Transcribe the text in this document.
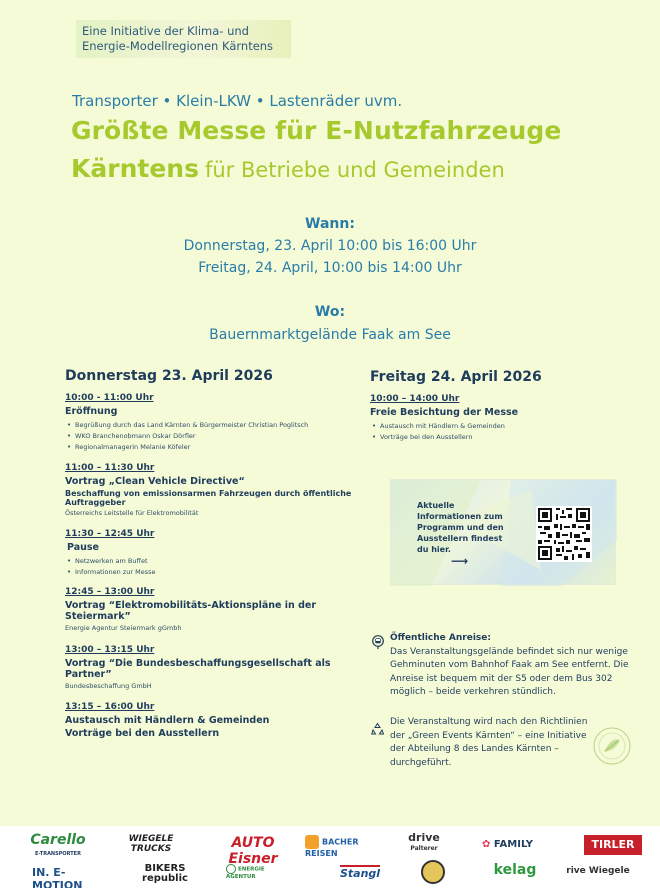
Eine Initiative der Klima- und
Energie-Modellregionen Kärntens
Transporter • Klein-LKW • Lastenräder uvm.
Größte Messe für E-Nutzfahrzeuge
Kärntens für Betriebe und Gemeinden
Wann:
Donnerstag, 23. April 10:00 bis 16:00 Uhr
Freitag, 24. April, 10:00 bis 14:00 Uhr
Wo:
Bauernmarktgelände Faak am See
Donnerstag 23. April 2026
10:00 - 11:00 Uhr
Eröffnung
• Begrüßung durch das Land Kärnten & Bürgermeister Christian Poglitsch
• WKO Branchenobmann Oskar Dörfler
• Regionalmanagerin Melanie Köfeler
11:00 – 11:30 Uhr
Vortrag „Clean Vehicle Directive“
Beschaffung von emissionsarmen Fahrzeugen durch öffentliche Auftraggeber
Österreichs Leitstelle für Elektromobilität
11:30 – 12:45 Uhr
Pause
• Netzwerken am Buffet
• Informationen zur Messe
12:45 – 13:00 Uhr
Vortrag “Elektromobilitäts-Aktionspläne in der Steiermark”
Energie Agentur Steiermark gGmbh
13:00 – 13:15 Uhr
Vortrag “Die Bundesbeschaffungsgesellschaft als Partner”
Bundesbeschaffung GmbH
13:15 – 16:00 Uhr
Austausch mit Händlern & Gemeinden
Vorträge bei den Ausstellern
Freitag 24. April 2026
10:00 – 14:00 Uhr
Freie Besichtung der Messe
• Austausch mit Händlern & Gemeinden
• Vorträge bei den Ausstellern
Aktuelle Informationen zum Programm und den Ausstellern findest du hier.
⟶
Öffentliche Anreise:
Das Veranstaltungsgelände befindet sich nur wenige Gehminuten vom Bahnhof Faak am See entfernt. Die Anreise ist bequem mit der S5 oder dem Bus 302 möglich – beide verkehren stündlich.
Die Veranstaltung wird nach den Richtlinien der „Green Events Kärnten“ – eine Initiative der Abteilung 8 des Landes Kärnten – durchgeführt.
Carello
E-TRANSPORTER
WIEGELE TRUCKS	AUTO Eisner
BACHER REISEN
drive
Palterer	✿ FAMILY	TIRLER
IN. E-MOTION
BIKERS republic
ENERGIE AGENTUR	Stangl	kelag	rive Wiegele
